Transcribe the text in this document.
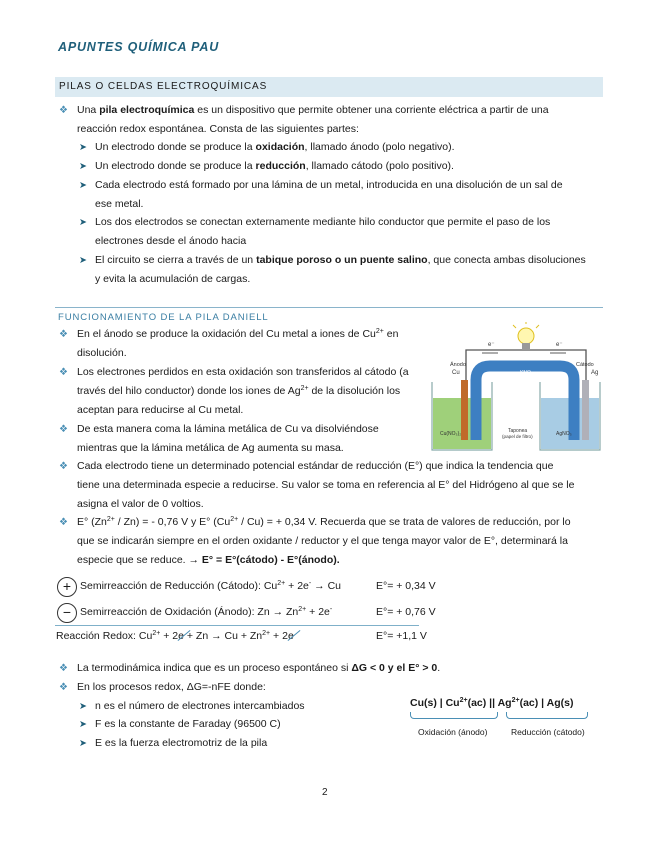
APUNTES QUÍMICA PAU
PILAS O CELDAS ELECTROQUÍMICAS
❖ Una pila electroquímica es un dispositivo que permite obtener una corriente eléctrica a partir de una
reacción redox espontánea. Consta de las siguientes partes:
➤ Un electrodo donde se produce la oxidación, llamado ánodo (polo negativo).
➤ Un electrodo donde se produce la reducción, llamado cátodo (polo positivo).
➤ Cada electrodo está formado por una lámina de un metal, introducida en una disolución de un sal de
ese metal.
➤ Los dos electrodos se conectan externamente mediante hilo conductor que permite el paso de los
electrones desde el ánodo hacia
➤ El circuito se cierra a través de un tabique poroso o un puente salino, que conecta ambas disoluciones
y evita la acumulación de cargas.
FUNCIONAMIENTO DE LA PILA DANIELL
❖ En el ánodo se produce la oxidación del Cu metal a iones de $Cu^{2+}$ en
disolución.
❖ Los electrones perdidos en esta oxidación son transferidos al cátodo (a
través del hilo conductor) donde los iones de $Ag^{2+}$ de la disolución los
aceptan para reducirse al Cu metal.
❖ De esta manera coma la lámina metálica de Cu va disolviéndose
mientras que la lámina metálica de Ag aumenta su masa.
e⁻	e⁻
Ánodo	Cátodo
KNO₃
Cu	Ag
Cu(NO₃)₂	AgNO₃
Taponea
(papel de filtro)
❖ Cada electrodo tiene un determinado potencial estándar de reducción (E°) que indica la tendencia que
tiene una determinada especie a reducirse. Su valor se toma en referencia al E° del Hidrógeno al que se le
asigna el valor de 0 voltios.
❖ E° $(Zn^{2+} / Zn)$ = - 0,76 V y E° $(Cu^{2+} / Cu)$ = + 0,34 V. Recuerda que se trata de valores de reducción, por lo
que se indicarán siempre en el orden oxidante / reductor y el que tenga mayor valor de E°, determinará la
especie que se reduce. → E° = E°(cátodo) - E°(ánodo).
+ Semirreacción de Reducción (Cátodo): $Cu^{2+} + 2e^- \to Cu$	E°= + 0,34 V
− Semirreacción de Oxidación (Ánodo): $Zn \to Zn^{2+} + 2e^-$	E°= + 0,76 V
Reacción Redox: $Cu^{2+} + 2e + Zn \to Cu + Zn^{2+} + 2e$	E°= +1,1 V
❖ La termodinámica indica que es un proceso espontáneo si ΔG < 0 y el E° > 0.
❖ En los procesos redox, ΔG=-nFE donde:
➤ n es el número de electrones intercambiados
➤ F es la constante de Faraday (96500 C)
➤ E es la fuerza electromotriz de la pila
Cu(s) | $Cu^{2+}(ac)$ || $Ag^{2+}(ac)$ | Ag(s)
Oxidación (ánodo)	Reducción (cátodo)
2
